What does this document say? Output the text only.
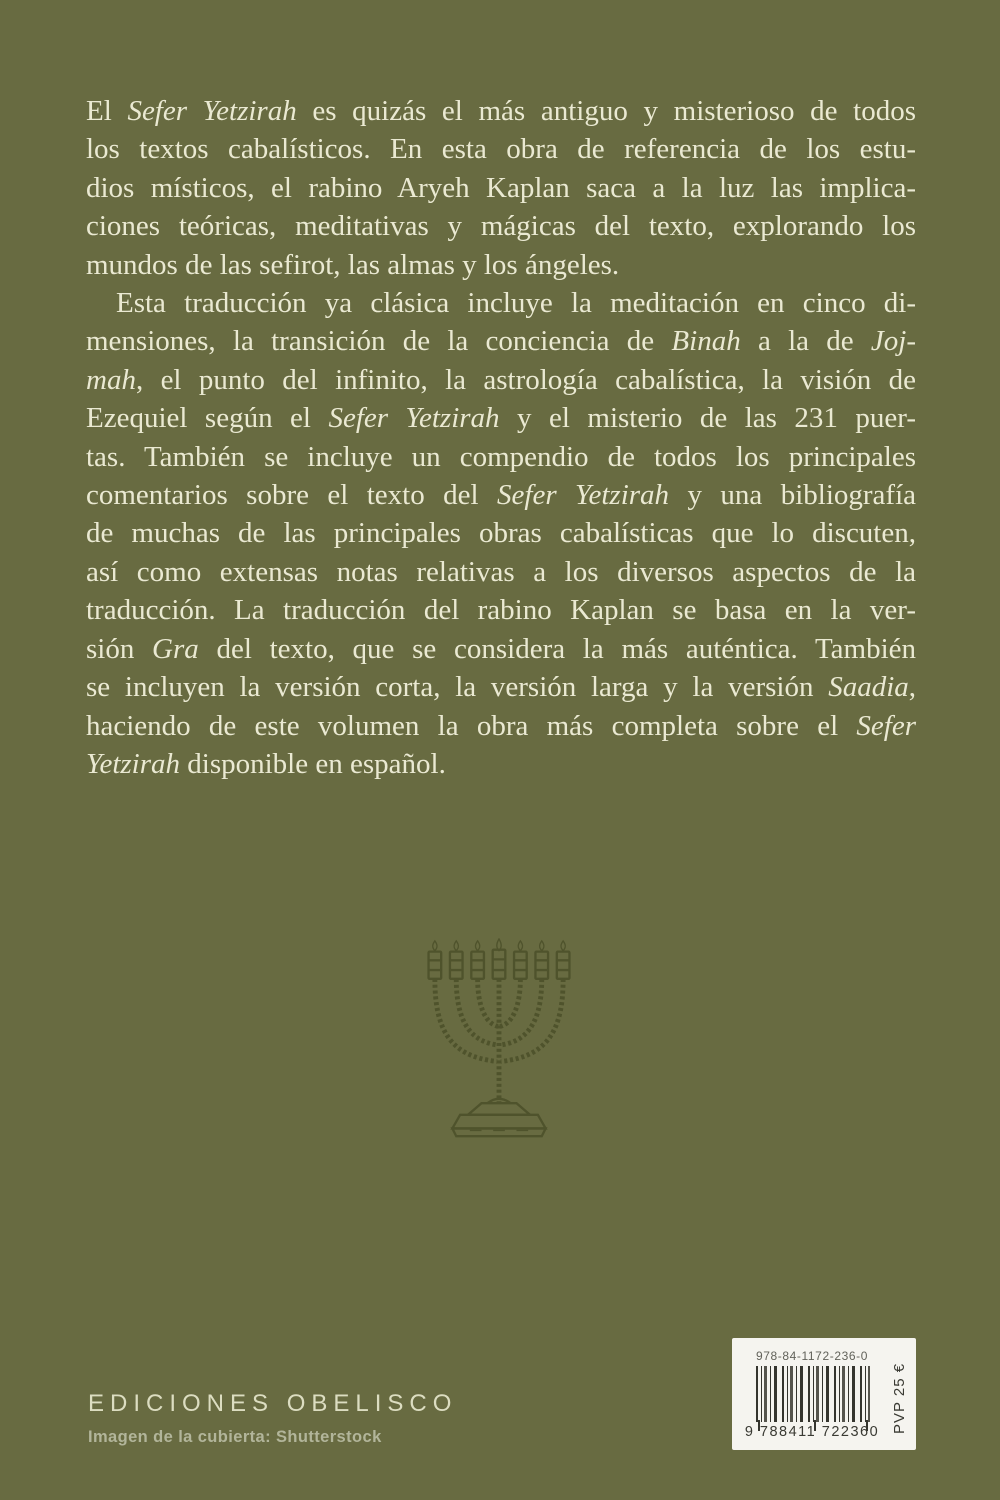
El Sefer Yetzirah es quizás el más antiguo y misterioso de todos
los textos cabalísticos. En esta obra de referencia de los estu-
dios místicos, el rabino Aryeh Kaplan saca a la luz las implica-
ciones teóricas, meditativas y mágicas del texto, explorando los
mundos de las sefirot, las almas y los ángeles.
Esta traducción ya clásica incluye la meditación en cinco di-
mensiones, la transición de la conciencia de Binah a la de Joj-
mah, el punto del infinito, la astrología cabalística, la visión de
Ezequiel según el Sefer Yetzirah y el misterio de las 231 puer-
tas. También se incluye un compendio de todos los principales
comentarios sobre el texto del Sefer Yetzirah y una bibliografía
de muchas de las principales obras cabalísticas que lo discuten,
así como extensas notas relativas a los diversos aspectos de la
traducción. La traducción del rabino Kaplan se basa en la ver-
sión Gra del texto, que se considera la más auténtica. También
se incluyen la versión corta, la versión larga y la versión Saadia,
haciendo de este volumen la obra más completa sobre el Sefer
Yetzirah disponible en español.
EDICIONES OBELISCO
Imagen de la cubierta: Shutterstock
978-84-1172-236-0
9 788411 722360 PVP 25 €
